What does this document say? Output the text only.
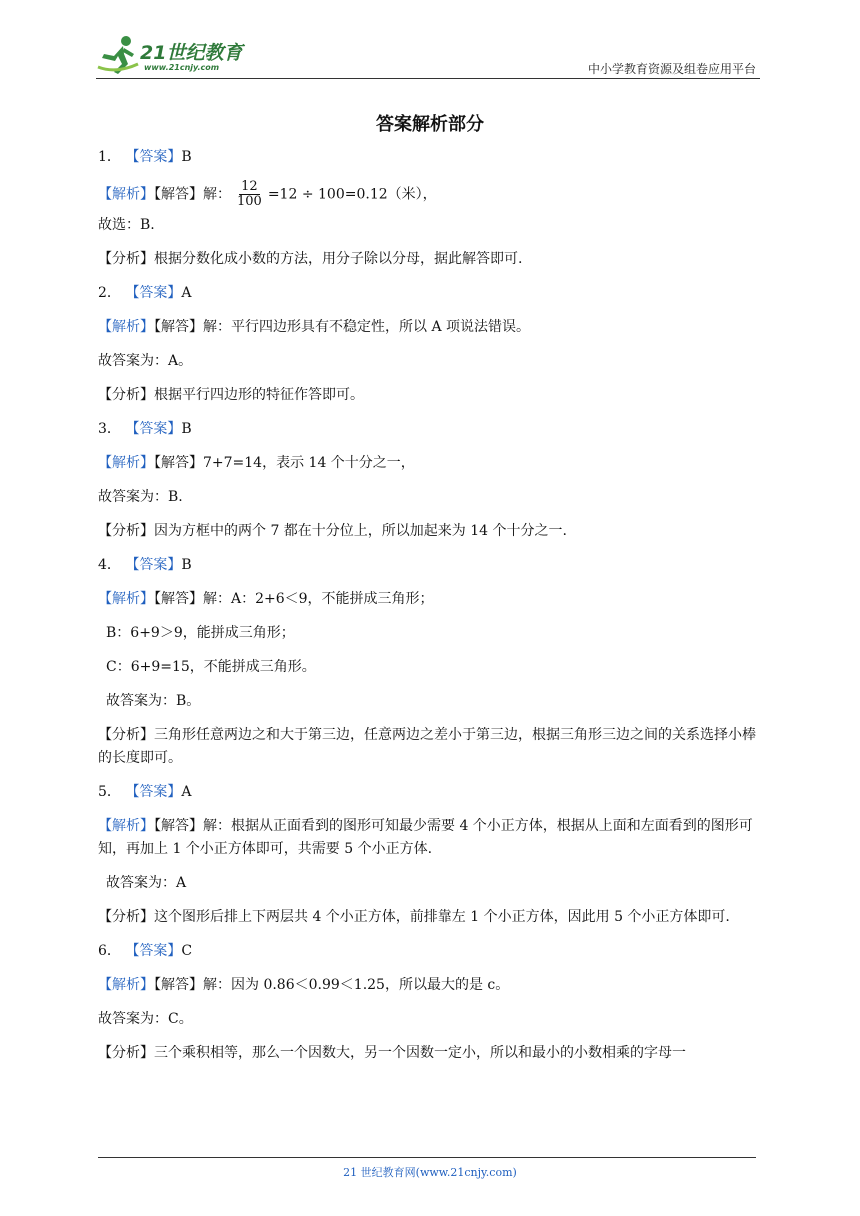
21世纪教育
www.21cnjy.com	中小学教育资源及组卷应用平台
答案解析部分
1． 【答案】B
【解析】【解答】解： $\frac{12}{100} =12 \div 100=0.12$（米），
故选：B.
【分析】根据分数化成小数的方法，用分子除以分母，据此解答即可.
2． 【答案】A
【解析】【解答】解：平行四边形具有不稳定性，所以 A 项说法错误。
故答案为：A。
【分析】根据平行四边形的特征作答即可。
3． 【答案】B
【解析】【解答】7+7=14，表示 14 个十分之一，
故答案为：B.
【分析】因为方框中的两个 7 都在十分位上，所以加起来为 14 个十分之一.
4． 【答案】B
【解析】【解答】解：A：2+6＜9，不能拼成三角形；
B：6+9＞9，能拼成三角形；
C：6+9=15，不能拼成三角形。
故答案为：B。
【分析】三角形任意两边之和大于第三边，任意两边之差小于第三边，根据三角形三边之间的关系选择小棒的长度即可。
5． 【答案】A
【解析】【解答】解：根据从正面看到的图形可知最少需要 4 个小正方体，根据从上面和左面看到的图形可知，再加上 1 个小正方体即可，共需要 5 个小正方体.
故答案为：A
【分析】这个图形后排上下两层共 4 个小正方体，前排靠左 1 个小正方体，因此用 5 个小正方体即可.
6． 【答案】C
【解析】【解答】解：因为 0.86＜0.99＜1.25，所以最大的是 c。
故答案为：C。
【分析】三个乘积相等，那么一个因数大，另一个因数一定小，所以和最小的小数相乘的字母一
21 世纪教育网(www.21cnjy.com)
